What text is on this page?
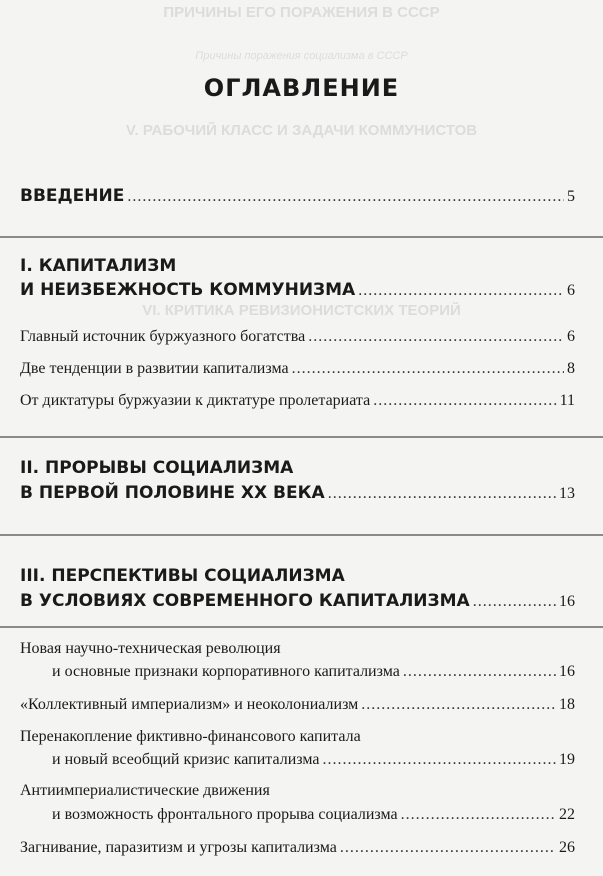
ПРИЧИНЫ ЕГО ПОРАЖЕНИЯ В СССР
Причины поражения социализма в СССР
V. РАБОЧИЙ КЛАСС И ЗАДАЧИ КОММУНИСТОВ
VI. КРИТИКА РЕВИЗИОНИСТСКИХ ТЕОРИЙ
ОГЛАВЛЕНИЕ
ВВЕДЕНИЕ .....	5
I. КАПИТАЛИЗМ
И НЕИЗБЕЖНОСТЬ КОММУНИЗМА .....	6
Главный источник буржуазного богатства .....	6
Две тенденции в развитии капитализма .....	8
От диктатуры буржуазии к диктатуре пролетариата .....	11
II. ПРОРЫВЫ СОЦИАЛИЗМА
В ПЕРВОЙ ПОЛОВИНЕ XX ВЕКА .....	13
III. ПЕРСПЕКТИВЫ СОЦИАЛИЗМА
В УСЛОВИЯХ СОВРЕМЕННОГО КАПИТАЛИЗМА .....	16
Новая научно-техническая революция
и основные признаки корпоративного капитализма .....	16
«Коллективный империализм» и неоколониализм .....	18
Перенакопление фиктивно-финансового капитала
и новый всеобщий кризис капитализма .....	19
Антиимпериалистические движения
и возможность фронтального прорыва социализма .....	22
Загнивание, паразитизм и угрозы капитализма .....	26
